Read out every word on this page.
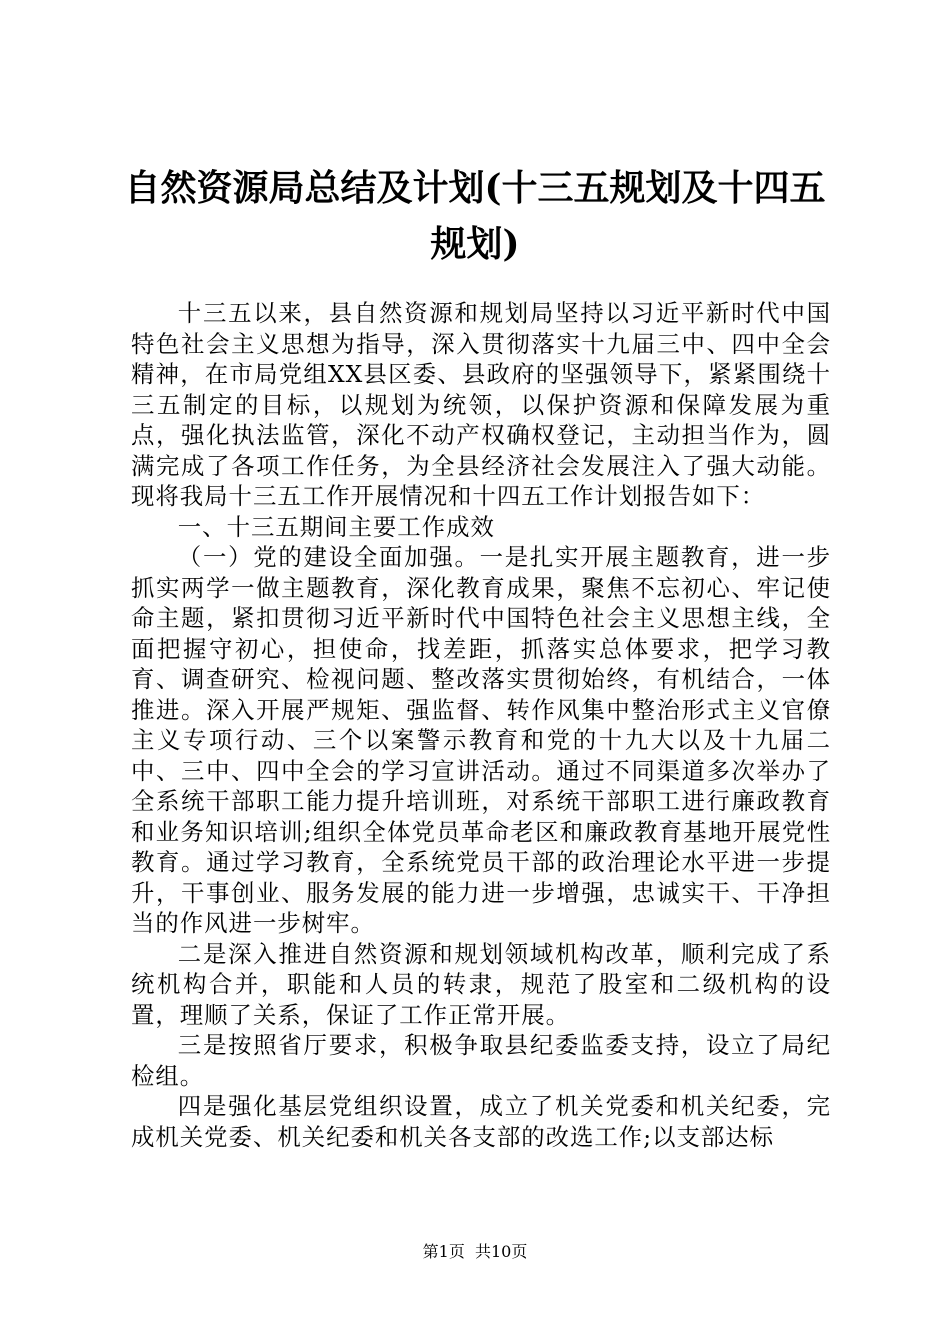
自然资源局总结及计划(十三五规划及十四五
规划)

十三五以来，县自然资源和规划局坚持以习近平新时代中国特色社会主义思想为指导，深入贯彻落实十九届三中、四中全会精神，在市局党组XX县区委、县政府的坚强领导下，紧紧围绕十三五制定的目标，以规划为统领，以保护资源和保障发展为重点，强化执法监管，深化不动产权确权登记，主动担当作为，圆满完成了各项工作任务，为全县经济社会发展注入了强大动能。现将我局十三五工作开展情况和十四五工作计划报告如下：

一、十三五期间主要工作成效

（一）党的建设全面加强。一是扎实开展主题教育，进一步抓实两学一做主题教育，深化教育成果，聚焦不忘初心、牢记使命主题，紧扣贯彻习近平新时代中国特色社会主义思想主线，全面把握守初心，担使命，找差距，抓落实总体要求，把学习教育、调查研究、检视问题、整改落实贯彻始终，有机结合，一体推进。深入开展严规矩、强监督、转作风集中整治形式主义官僚主义专项行动、三个以案警示教育和党的十九大以及十九届二中、三中、四中全会的学习宣讲活动。通过不同渠道多次举办了全系统干部职工能力提升培训班，对系统干部职工进行廉政教育和业务知识培训;组织全体党员革命老区和廉政教育基地开展党性教育。通过学习教育，全系统党员干部的政治理论水平进一步提升，干事创业、服务发展的能力进一步增强，忠诚实干、干净担当的作风进一步树牢。

二是深入推进自然资源和规划领域机构改革，顺利完成了系统机构合并，职能和人员的转隶，规范了股室和二级机构的设置，理顺了关系，保证了工作正常开展。

三是按照省厅要求，积极争取县纪委监委支持，设立了局纪检组。

四是强化基层党组织设置，成立了机关党委和机关纪委，完成机关党委、机关纪委和机关各支部的改选工作;以支部达标

第1页  共10页
